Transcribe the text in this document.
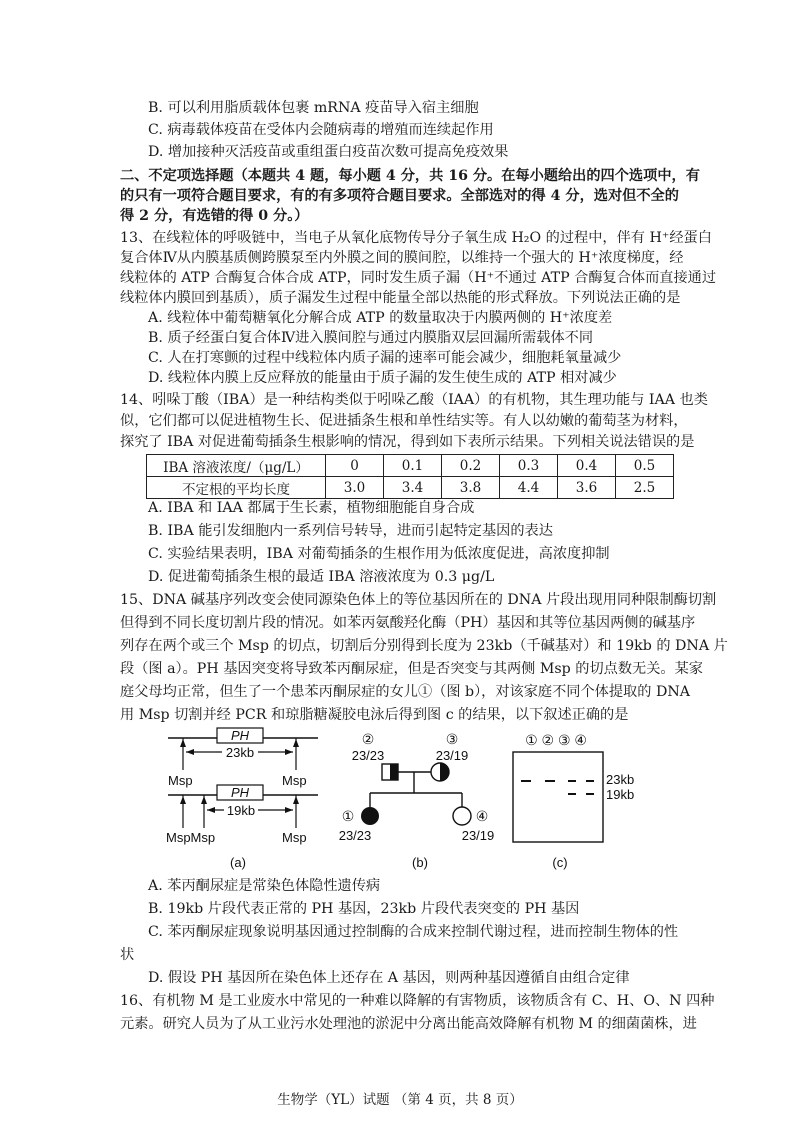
B. 可以利用脂质载体包裹 mRNA 疫苗导入宿主细胞
C. 病毒载体疫苗在受体内会随病毒的增殖而连续起作用
D. 增加接种灭活疫苗或重组蛋白疫苗次数可提高免疫效果
二、不定项选择题（本题共 4 题，每小题 4 分，共 16 分。在每小题给出的四个选项中，有
的只有一项符合题目要求，有的有多项符合题目要求。全部选对的得 4 分，选对但不全的
得 2 分，有选错的得 0 分。）
13、在线粒体的呼吸链中，当电子从氧化底物传导分子氧生成 H₂O 的过程中，伴有 H⁺经蛋白
复合体Ⅳ从内膜基质侧跨膜泵至内外膜之间的膜间腔，以维持一个强大的 H⁺浓度梯度，经
线粒体的 ATP 合酶复合体合成 ATP，同时发生质子漏（H⁺不通过 ATP 合酶复合体而直接通过
线粒体内膜回到基质），质子漏发生过程中能量全部以热能的形式释放。下列说法正确的是
A. 线粒体中葡萄糖氧化分解合成 ATP 的数量取决于内膜两侧的 H⁺浓度差
B. 质子经蛋白复合体Ⅳ进入膜间腔与通过内膜脂双层回漏所需载体不同
C. 人在打寒颤的过程中线粒体内质子漏的速率可能会减少，细胞耗氧量减少
D. 线粒体内膜上反应释放的能量由于质子漏的发生使生成的 ATP 相对减少
14、吲哚丁酸（IBA）是一种结构类似于吲哚乙酸（IAA）的有机物，其生理功能与 IAA 也类
似，它们都可以促进植物生长、促进插条生根和单性结实等。有人以幼嫩的葡萄茎为材料，
IBA 溶液浓度/（μg/L）	0	0.1	0.2	0.3	0.4	0.5
不定根的平均长度	3.0	3.4	3.8	4.4	3.6	2.5
A. IBA 和 IAA 都属于生长素，植物细胞能自身合成
B. IBA 能引发细胞内一系列信号转导，进而引起特定基因的表达
C. 实验结果表明，IBA 对葡萄插条的生根作用为低浓度促进，高浓度抑制
D. 促进葡萄插条生根的最适 IBA 溶液浓度为 0.3 μg/L
15、DNA 碱基序列改变会使同源染色体上的等位基因所在的 DNA 片段出现用同种限制酶切割
但得到不同长度切割片段的情况。如苯丙氨酸羟化酶（PH）基因和其等位基因两侧的碱基序
列存在两个或三个 Msp 的切点，切割后分别得到长度为 23kb（千碱基对）和 19kb 的 DNA 片
段（图 a）。PH 基因突变将导致苯丙酮尿症，但是否突变与其两侧 Msp 的切点数无关。某家
庭父母均正常，但生了一个患苯丙酮尿症的女儿①（图 b），对该家庭不同个体提取的 DNA
用 Msp 切割并经 PCR 和琼脂糖凝胶电泳后得到图 c 的结果，以下叙述正确的是
PH
23kb
Msp	Msp
PH
19kb
MspMsp	Msp
(a)
②
23/23
③
23/19
①
23/23
④
23/19
(b)
① ② ③ ④
23kb
19kb
(c)
A. 苯丙酮尿症是常染色体隐性遗传病
B. 19kb 片段代表正常的 PH 基因，23kb 片段代表突变的 PH 基因
C. 苯丙酮尿症现象说明基因通过控制酶的合成来控制代谢过程，进而控制生物体的性
状
D. 假设 PH 基因所在染色体上还存在 A 基因，则两种基因遵循自由组合定律
16、有机物 M 是工业废水中常见的一种难以降解的有害物质，该物质含有 C、H、O、N 四种
元素。研究人员为了从工业污水处理池的淤泥中分离出能高效降解有机物 M 的细菌菌株，进
生物学（YL）试题 （第 4 页，共 8 页）
探究了 IBA 对促进葡萄插条生根影响的情况，得到如下表所示结果。下列相关说法错误的是
